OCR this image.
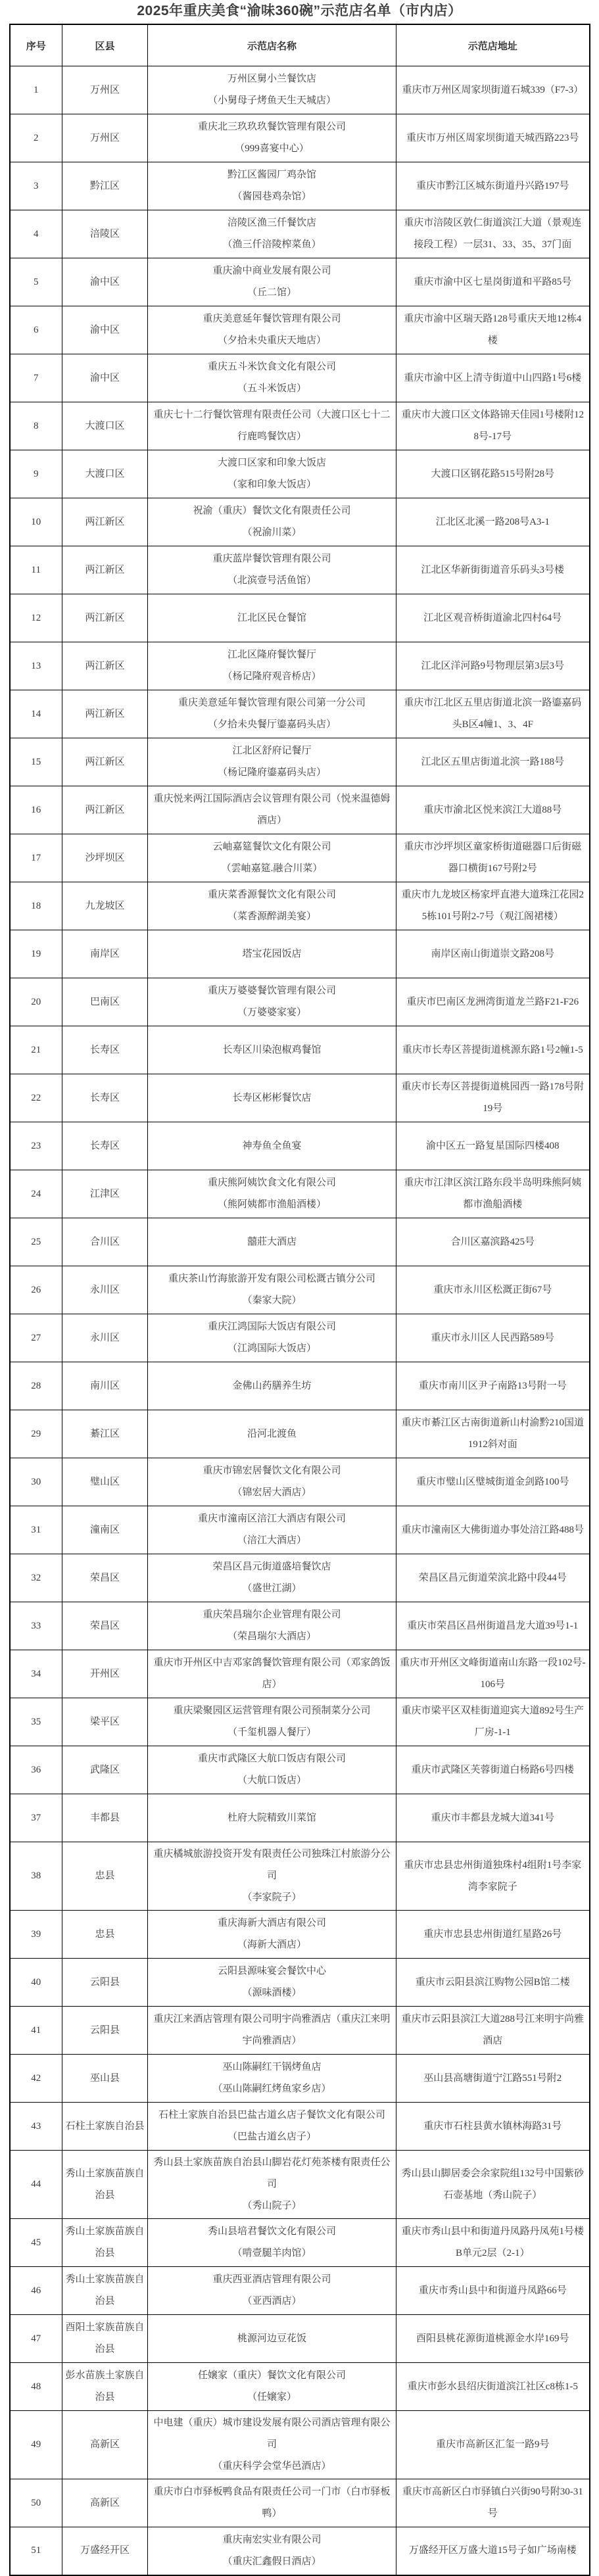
2025年重庆美食“渝味360碗”示范店名单（市内店）
序号	区县	示范店名称	示范店地址
1	万州区	万州区舅小兰餐饮店
（小舅母子烤鱼天生天城店）	重庆市万州区周家坝街道石城339（F7-3）
2	万州区	重庆北三玖玖玖餐饮管理有限公司
（999喜宴中心）	重庆市万州区周家坝街道天城西路223号
3	黔江区	黔江区酱园厂鸡杂馆
（酱园巷鸡杂馆）	重庆市黔江区城东街道丹兴路197号
4	涪陵区	涪陵区渔三仟餐饮店
（渔三仟涪陵榨菜鱼）	重庆市涪陵区敦仁街道滨江大道（景观连接段工程）一层31、33、35、37门面
5	渝中区	重庆渝中商业发展有限公司
（丘二馆）	重庆市渝中区七星岗街道和平路85号
6	渝中区	重庆美意延年餐饮管理有限公司
（夕拾未央重庆天地店）	重庆市渝中区瑞天路128号重庆天地12栋4楼
7	渝中区	重庆五斗米饮食文化有限公司
（五斗米饭店）	重庆市渝中区上清寺街道中山四路1号6楼
8	大渡口区	重庆七十二行餐饮管理有限责任公司（大渡口区七十二行鹿鸣餐饮店）	重庆市大渡口区文体路锦天佳园1号楼附128号-17号
9	大渡口区	大渡口区家和印象大饭店
（家和印象大饭店）	大渡口区钢花路515号附28号
10	两江新区	祝渝（重庆）餐饮文化有限责任公司
（祝渝川菜）	江北区北溪一路208号A3-1
11	两江新区	重庆蓝岸餐饮管理有限公司
（北滨壹号活鱼馆）	江北区华新街街道音乐码头3号楼
12	两江新区	江北区民仓餐馆	江北区观音桥街道渝北四村64号
13	两江新区	江北区隆府餐饮餐厅
（杨记隆府观音桥店）	江北区洋河路9号物理层第3层3号
14	两江新区	重庆美意延年餐饮管理有限公司第一分公司
（夕拾未央餐厅鎏嘉码头店）	重庆市江北区五里店街道北滨一路鎏嘉码头B区4幢1、3、4F
15	两江新区	江北区舒府记餐厅
（杨记隆府鎏嘉码头店）	江北区五里店街道北滨一路188号
16	两江新区	重庆悦来两江国际酒店会议管理有限公司（悦来温德姆酒店）	重庆市渝北区悦来滨江大道88号
17	沙坪坝区	云岫嘉筵餐饮文化有限公司
（雲岫嘉筵.融合川菜）	重庆市沙坪坝区童家桥街道磁器口后街磁器口横街167号附2号
18	九龙坡区	重庆菜香源餐饮文化有限公司
（菜香源醉湖美宴）	重庆市九龙坡区杨家坪直港大道珠江花园25栋101号附2-7号（观江阁裙楼）
19	南岸区	塔宝花园饭店	南岸区南山街道崇文路208号
20	巴南区	重庆万婆婆餐饮管理有限公司
（万婆婆家宴）	重庆市巴南区龙洲湾街道龙兰路F21-F26
21	长寿区	长寿区川染泡椒鸡餐馆	重庆市长寿区菩提街道桃源东路1号2幢1-5
22	长寿区	长寿区彬彬餐饮店	重庆市长寿区菩提街道桃园西一路178号附19号
23	长寿区	神寿鱼全鱼宴	渝中区五一路复星国际四楼408
24	江津区	重庆熊阿姨饮食文化有限公司
（熊阿姨都市渔船酒楼）	重庆市江津区滨江路东段半岛明珠熊阿姨都市渔船酒楼
25	合川区	囍莊大酒店	合川区嘉滨路425号
26	永川区	重庆茶山竹海旅游开发有限公司松溉古镇分公司
（秦家大院）	重庆市永川区松溉正街67号
27	永川区	重庆江鸿国际大饭店有限公司
（江鸿国际大饭店）	重庆市永川区人民西路589号
28	南川区	金佛山药膳养生坊	重庆市南川区尹子南路13号附一号
29	綦江区	沿河北渡鱼	重庆市綦江区古南街道新山村渝黔210国道1912斜对面
30	璧山区	重庆市锦宏居餐饮文化有限公司
（锦宏居大酒店）	重庆市璧山区璧城街道金剑路100号
31	潼南区	重庆市潼南区涪江大酒店有限公司
（涪江大酒店）	重庆市潼南区大佛街道办事处涪江路488号
32	荣昌区	荣昌区昌元街道盛培餐饮店
（盛世江湖）	荣昌区昌元街道荣滨北路中段44号
33	荣昌区	重庆荣昌瑞尔企业管理有限公司
（荣昌瑞尔大酒店）	重庆市荣昌区昌州街道昌龙大道39号1-1
34	开州区	重庆市开州区中吉邓家鸽餐饮管理有限公司（邓家鸽饭店）	重庆市开州区文峰街道南山东路一段102号-106号
35	梁平区	重庆梁聚园区运营管理有限公司预制菜分公司
（千玺机器人餐厅）	重庆市梁平区双桂街道迎宾大道892号生产厂房-1-1
36	武隆区	重庆市武隆区大航口饭店有限公司
（大航口饭店）	重庆市武隆区芙蓉街道白杨路6号四楼
37	丰都县	杜府大院精致川菜馆	重庆市丰都县龙城大道341号
38	忠县	重庆橘城旅游投资开发有限责任公司独珠江村旅游分公司
（李家院子）	重庆市忠县忠州街道独珠村4组附1号李家湾李家院子
39	忠县	重庆海新大酒店有限公司
（海新大酒店）	重庆市忠县忠州街道红星路26号
40	云阳县	云阳县源味宴会餐饮中心
（源味酒楼）	重庆市云阳县滨江购物公园B馆二楼
41	云阳县	重庆江来酒店管理有限公司明宇尚雅酒店（重庆江来明宇尚雅酒店）	重庆市云阳县滨江大道288号江来明宇尚雅酒店
42	巫山县	巫山陈嗣红干锅烤鱼店
（巫山陈嗣红烤鱼家乡店）	巫山县高塘街道宁江路551号附2
43	石柱土家族自治县	石柱土家族自治县巴盐古道幺店子餐饮文化有限公司（巴盐古道幺店子）	重庆市石柱县黄水镇林海路31号
44	秀山土家族苗族自治县	秀山县土家族苗族自治县山脚岩花灯苑茶楼有限责任公司
（秀山院子）	秀山县山脚居委会余家院组132号中国紫砂石壶基地（秀山院子）
45	秀山土家族苗族自治县	秀山县培君餐饮文化有限公司
（啃壹腿羊肉馆）	重庆市秀山县中和街道丹凤路丹凤苑1号楼B单元2层（2-1）
46	秀山土家族苗族自治县	重庆西亚酒店管理有限公司
（亚西酒店）	重庆市秀山县中和街道丹凤路66号
47	酉阳土家族苗族自治县	桃源河边豆花饭	酉阳县桃花源街道桃源金水岸169号
48	彭水苗族土家族自治县	任嬢家（重庆）餐饮文化有限公司
（任嬢家）	重庆市彭水县绍庆街道滨江社区c8栋1-5
49	高新区	中电建（重庆）城市建设发展有限公司酒店管理有限公司
（重庆科学会堂华邑酒店）	重庆市高新区汇玺一路9号
50	高新区	重庆市白市驿板鸭食品有限责任公司一门市（白市驿板鸭）	重庆市高新区白市驿镇白兴街90号附30-31号
51	万盛经开区	重庆南宏实业有限公司
（重庆汇鑫假日酒店）	万盛经开区万盛大道15号子如广场南楼
